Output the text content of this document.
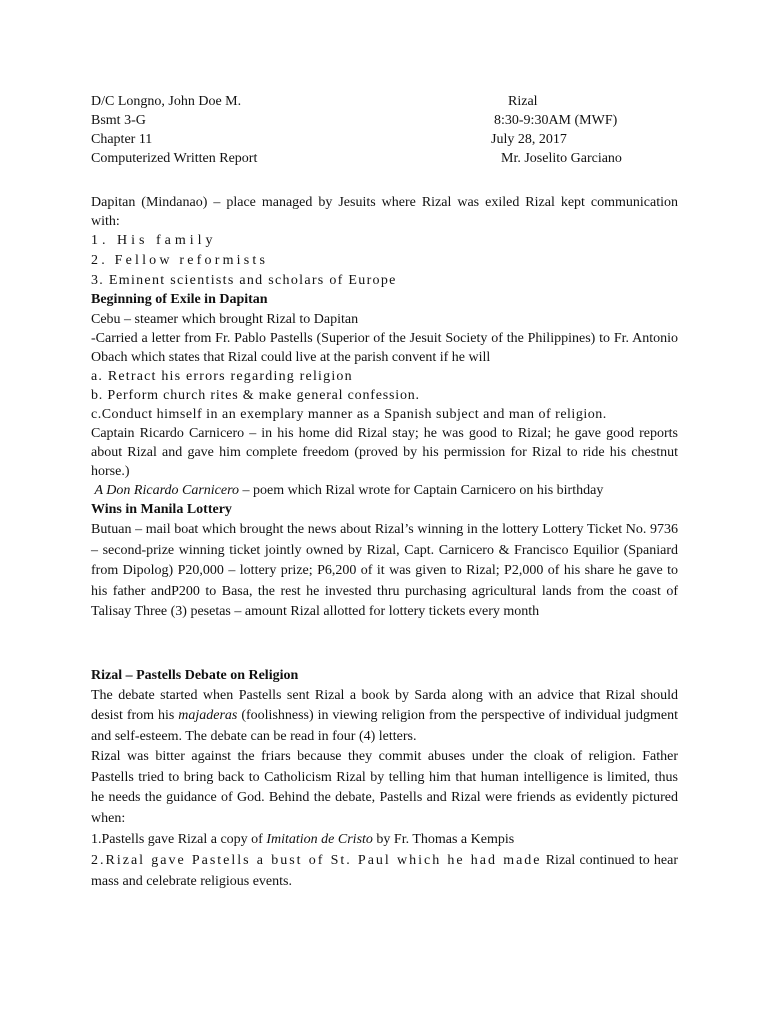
D/C Longno, John Doe M.	Rizal
Bsmt 3-G	8:30-9:30AM (MWF)
Chapter 11	July 28, 2017
Computerized Written Report	Mr. Joselito Garciano

Dapitan (Mindanao) – place managed by Jesuits where Rizal was exiled Rizal kept communication with:

1. His family

2. Fellow reformists

3. Eminent scientists and scholars of Europe

Beginning of Exile in Dapitan

Cebu – steamer which brought Rizal to Dapitan

-Carried a letter from Fr. Pablo Pastells (Superior of the Jesuit Society of the Philippines) to Fr. Antonio Obach which states that Rizal could live at the parish convent if he will

a. Retract his errors regarding religion

b. Perform church rites & make general confession.

c.Conduct himself in an exemplary manner as a Spanish subject and man of religion.

Captain Ricardo Carnicero – in his home did Rizal stay; he was good to Rizal; he gave good reports about Rizal and gave him complete freedom (proved by his permission for Rizal to ride his chestnut horse.)

A Don Ricardo Carnicero – poem which Rizal wrote for Captain Carnicero on his birthday

Wins in Manila Lottery

Butuan – mail boat which brought the news about Rizal’s winning in the lottery Lottery Ticket No. 9736 – second-prize winning ticket jointly owned by Rizal, Capt. Carnicero & Francisco Equilior (Spaniard from Dipolog) P20,000 – lottery prize; P6,200 of it was given to Rizal; P2,000 of his share he gave to his father andP200 to Basa, the rest he invested thru purchasing agricultural lands from the coast of Talisay Three (3) pesetas – amount Rizal allotted for lottery tickets every month

Rizal – Pastells Debate on Religion

The debate started when Pastells sent Rizal a book by Sarda along with an advice that Rizal should desist from his majaderas (foolishness) in viewing religion from the perspective of individual judgment and self-esteem. The debate can be read in four (4) letters.

Rizal was bitter against the friars because they commit abuses under the cloak of religion. Father Pastells tried to bring back to Catholicism Rizal by telling him that human intelligence is limited, thus he needs the guidance of God. Behind the debate, Pastells and Rizal were friends as evidently pictured when:

1.Pastells gave Rizal a copy of Imitation de Cristo by Fr. Thomas a Kempis

2.Rizal gave Pastells a bust of St. Paul which he had made Rizal continued to hear mass and celebrate religious events.
